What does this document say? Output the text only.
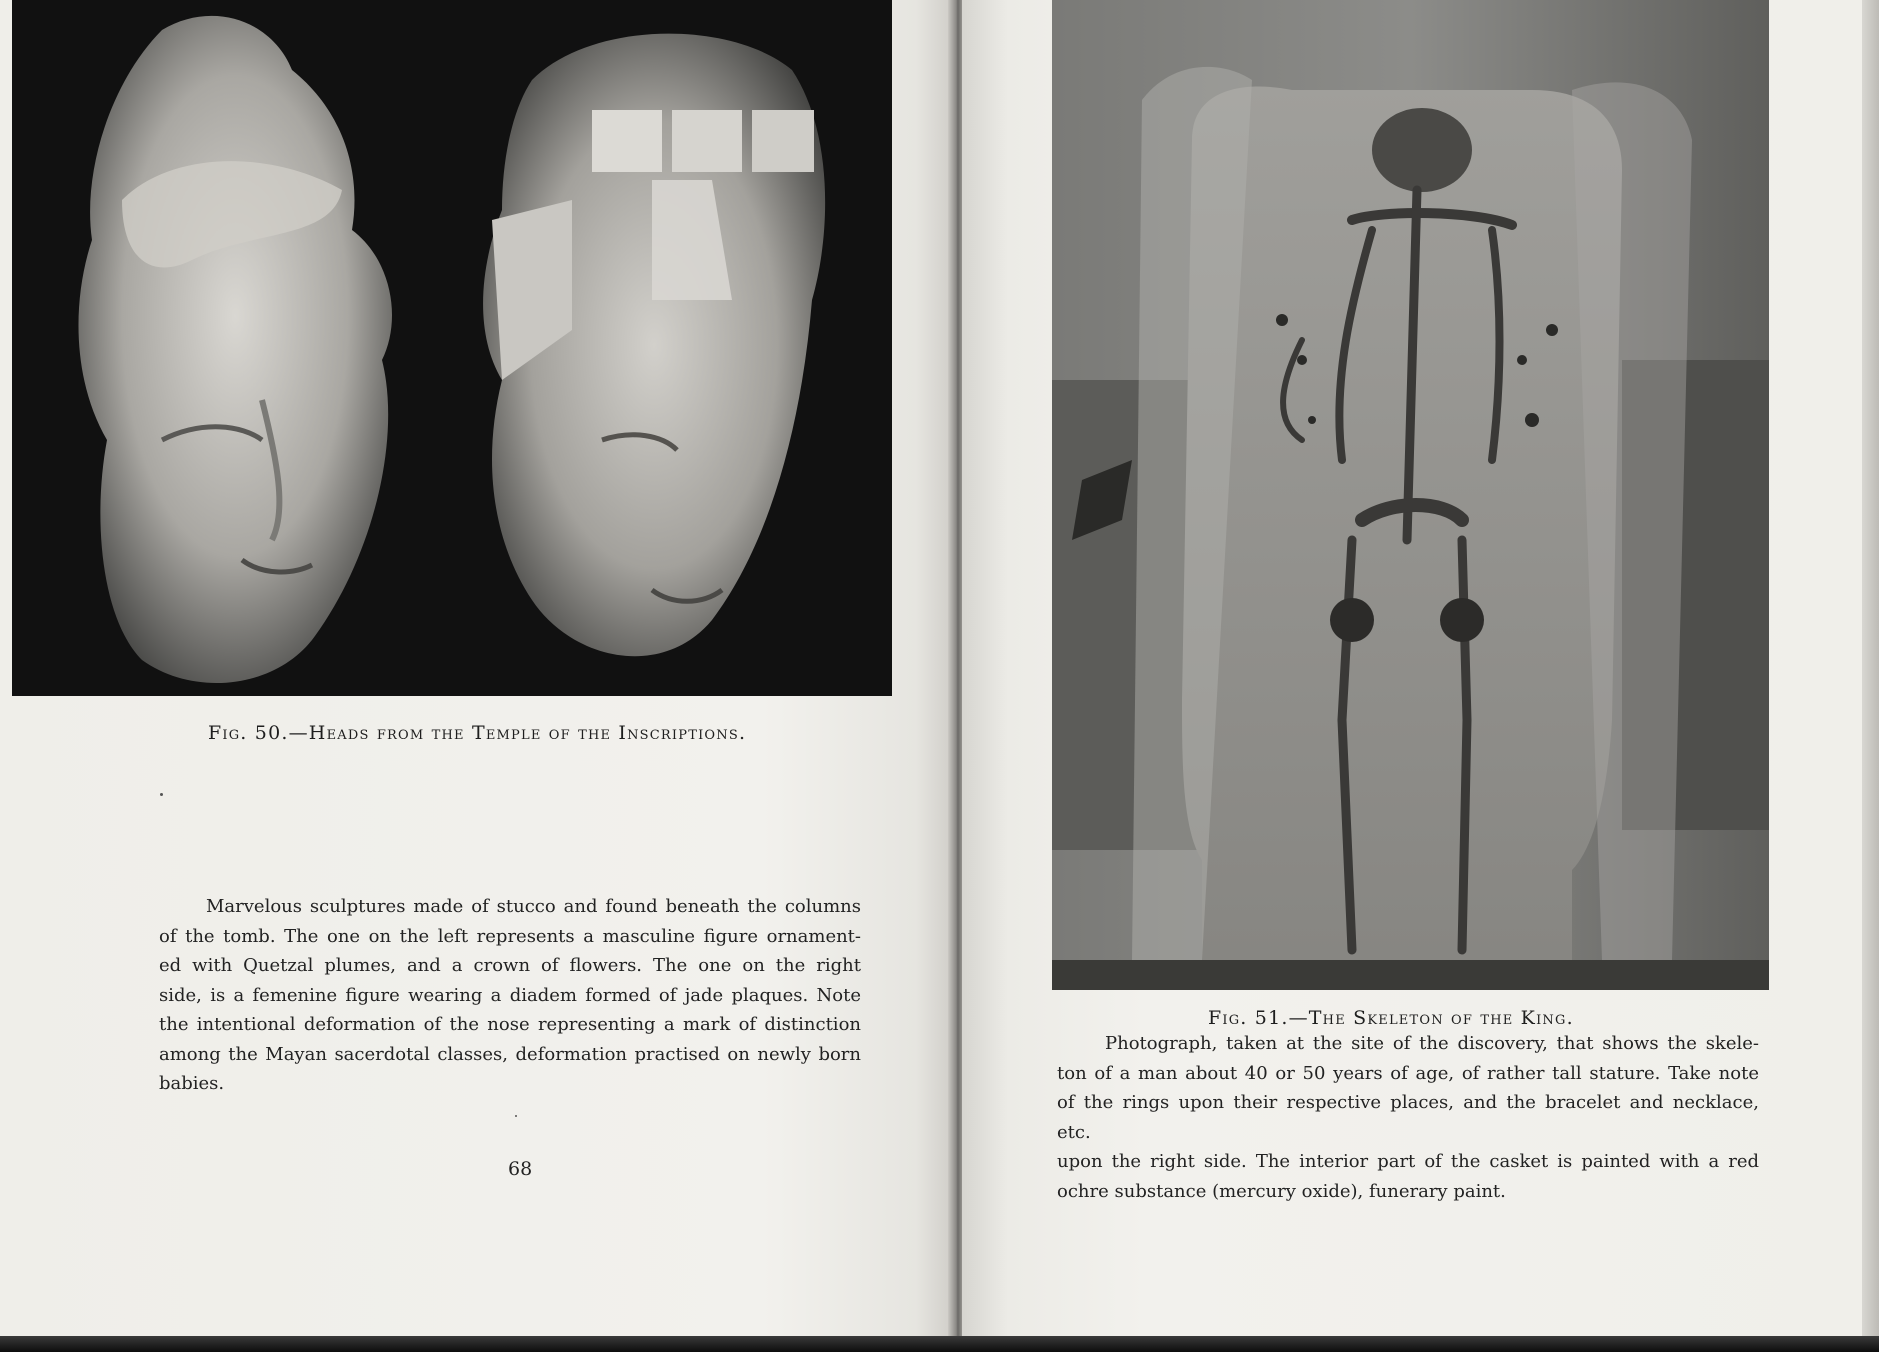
Fig. 50.—Heads from the Temple of the Inscriptions.
Marvelous sculptures made of stucco and found beneath the columns
of the tomb. The one on the left represents a masculine figure ornament-
ed with Quetzal plumes, and a crown of flowers. The one on the right
side, is a femenine figure wearing a diadem formed of jade plaques. Note
the intentional deformation of the nose representing a mark of distinction
among the Mayan sacerdotal classes, deformation practised on newly born
babies.
68
Fig. 51.—The Skeleton of the King.
Photograph, taken at the site of the discovery, that shows the skele-
ton of a man about 40 or 50 years of age, of rather tall stature. Take note
of the rings upon their respective places, and the bracelet and necklace, etc.
upon the right side. The interior part of the casket is painted with a red
ochre substance (mercury oxide), funerary paint.
